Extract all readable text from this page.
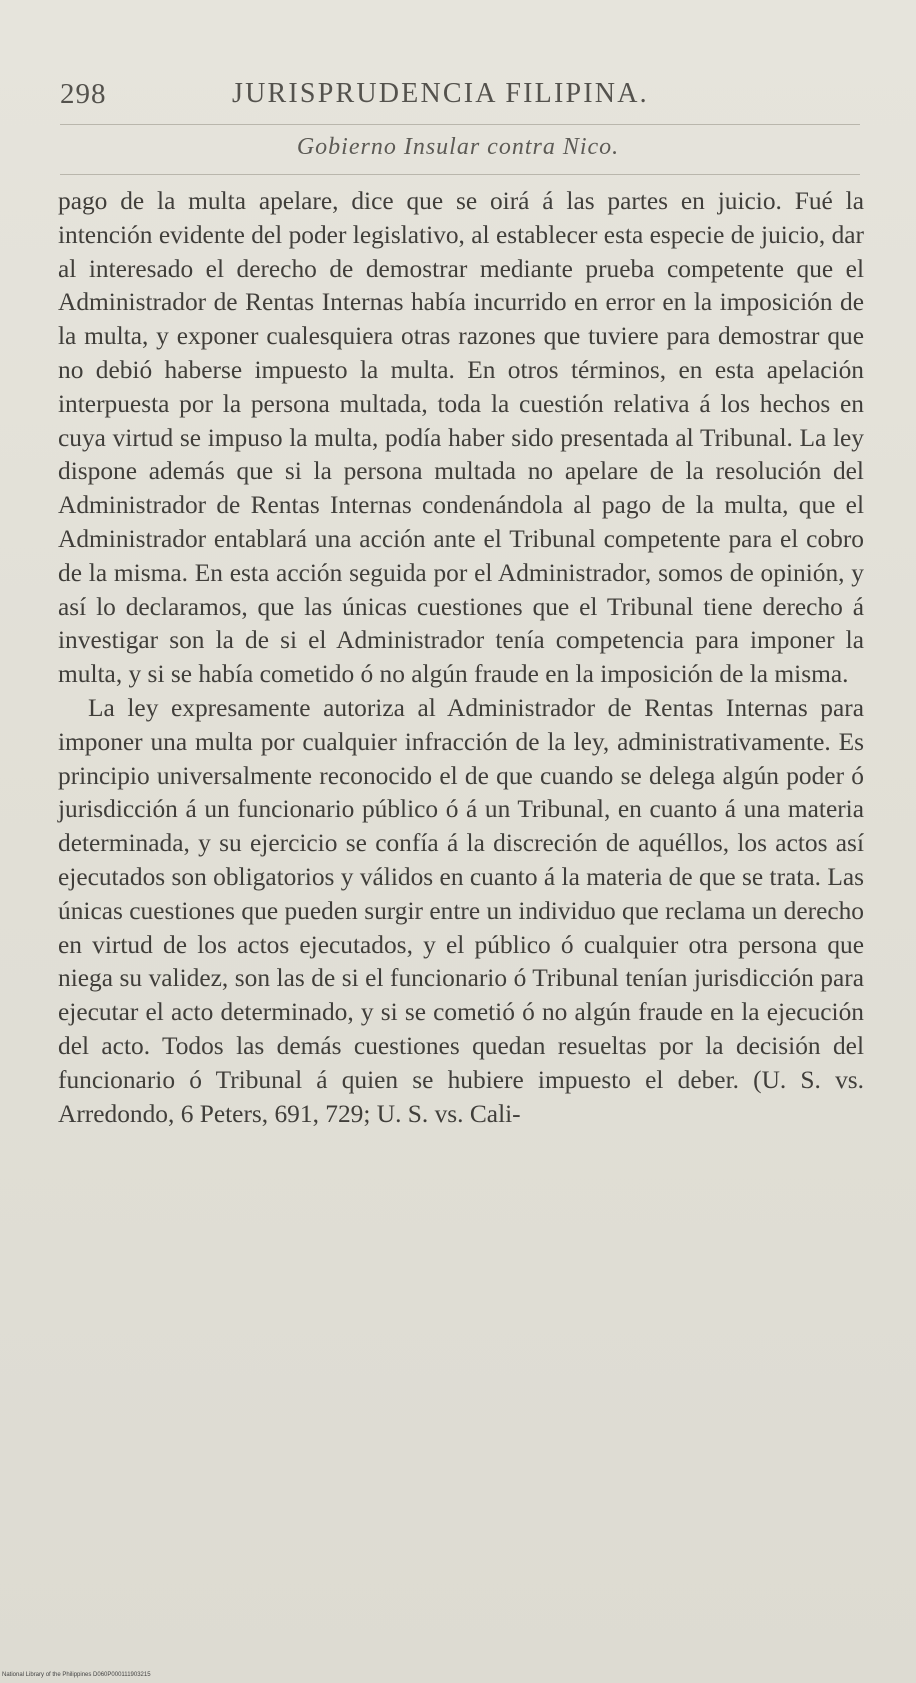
298	JURISPRUDENCIA FILIPINA.
Gobierno Insular contra Nico.

pago de la multa apelare, dice que se oirá á las partes en juicio. Fué la intención evidente del poder legislativo, al establecer esta especie de juicio, dar al interesado el derecho de demostrar mediante prueba competente que el Administrador de Rentas Internas había incurrido en error en la imposición de la multa, y exponer cualesquiera otras razones que tuviere para demostrar que no debió haberse impuesto la multa. En otros términos, en esta apelación interpuesta por la persona multada, toda la cuestión relativa á los hechos en cuya virtud se impuso la multa, podía haber sido presentada al Tribunal. La ley dispone además que si la persona multada no apelare de la resolución del Administrador de Rentas Internas condenándola al pago de la multa, que el Administrador entablará una acción ante el Tribunal competente para el cobro de la misma. En esta acción seguida por el Administrador, somos de opinión, y así lo declaramos, que las únicas cuestiones que el Tribunal tiene derecho á investigar son la de si el Administrador tenía competencia para imponer la multa, y si se había cometido ó no algún fraude en la imposición de la misma.

La ley expresamente autoriza al Administrador de Rentas Internas para imponer una multa por cualquier infracción de la ley, administrativamente. Es principio universalmente reconocido el de que cuando se delega algún poder ó jurisdicción á un funcionario público ó á un Tribunal, en cuanto á una materia determinada, y su ejercicio se confía á la discreción de aquéllos, los actos así ejecutados son obligatorios y válidos en cuanto á la materia de que se trata. Las únicas cuestiones que pueden surgir entre un individuo que reclama un derecho en virtud de los actos ejecutados, y el público ó cualquier otra persona que niega su validez, son las de si el funcionario ó Tribunal tenían jurisdicción para ejecutar el acto determinado, y si se cometió ó no algún fraude en la ejecución del acto. Todos las demás cuestiones quedan resueltas por la decisión del funcionario ó Tribunal á quien se hubiere impuesto el deber. (U. S. vs. Arredondo, 6 Peters, 691, 729; U. S. vs. Cali-

National Library of the Philippines D060P000111903215
